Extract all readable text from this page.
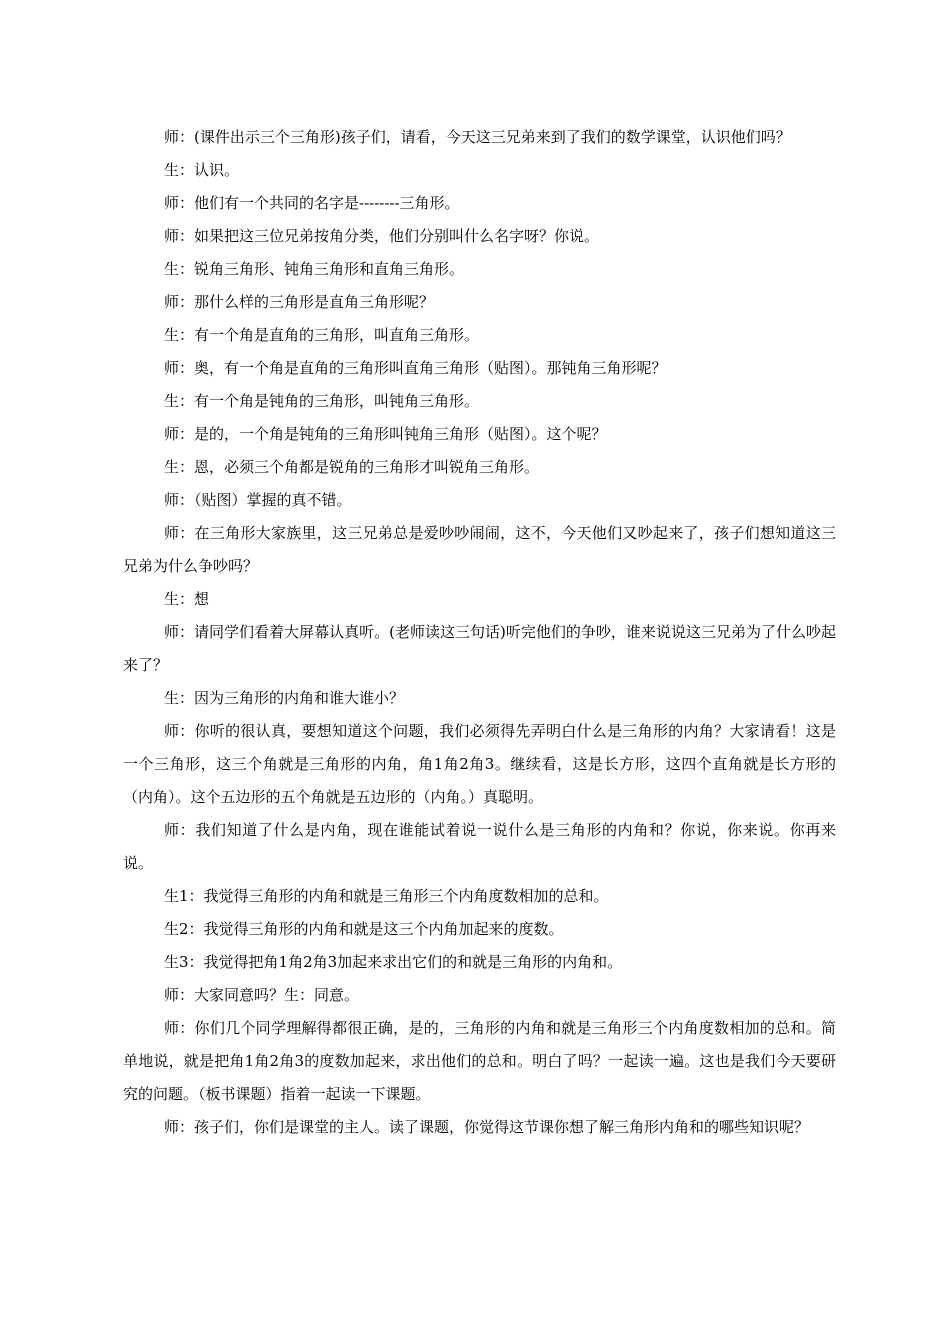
师：(课件出示三个三角形)孩子们，请看，今天这三兄弟来到了我们的数学课堂，认识他们吗？

生：认识。

师：他们有一个共同的名字是--------三角形。

师：如果把这三位兄弟按角分类，他们分别叫什么名字呀？你说。

生：锐角三角形、钝角三角形和直角三角形。

师：那什么样的三角形是直角三角形呢？

生：有一个角是直角的三角形，叫直角三角形。

师：奥，有一个角是直角的三角形叫直角三角形（贴图）。那钝角三角形呢？

生：有一个角是钝角的三角形，叫钝角三角形。

师：是的，一个角是钝角的三角形叫钝角三角形（贴图）。这个呢？

生：恩，必须三个角都是锐角的三角形才叫锐角三角形。

师：（贴图）掌握的真不错。

师：在三角形大家族里，这三兄弟总是爱吵吵闹闹，这不，今天他们又吵起来了，孩子们想知道这三兄弟为什么争吵吗？

生：想

师：请同学们看着大屏幕认真听。(老师读这三句话)听完他们的争吵，谁来说说这三兄弟为了什么吵起来了？

生：因为三角形的内角和谁大谁小？

师：你听的很认真，要想知道这个问题，我们必须得先弄明白什么是三角形的内角？大家请看！这是一个三角形，这三个角就是三角形的内角，角1角2角3。继续看，这是长方形，这四个直角就是长方形的（内角）。这个五边形的五个角就是五边形的（内角。）真聪明。

师：我们知道了什么是内角，现在谁能试着说一说什么是三角形的内角和？你说，你来说。你再来说。

生1：我觉得三角形的内角和就是三角形三个内角度数相加的总和。

生2：我觉得三角形的内角和就是这三个内角加起来的度数。

生3：我觉得把角1角2角3加起来求出它们的和就是三角形的内角和。

师：大家同意吗？生：同意。

师：你们几个同学理解得都很正确，是的，三角形的内角和就是三角形三个内角度数相加的总和。简单地说，就是把角1角2角3的度数加起来，求出他们的总和。明白了吗？一起读一遍。这也是我们今天要研究的问题。（板书课题）指着一起读一下课题。

师：孩子们，你们是课堂的主人。读了课题，你觉得这节课你想了解三角形内角和的哪些知识呢？
